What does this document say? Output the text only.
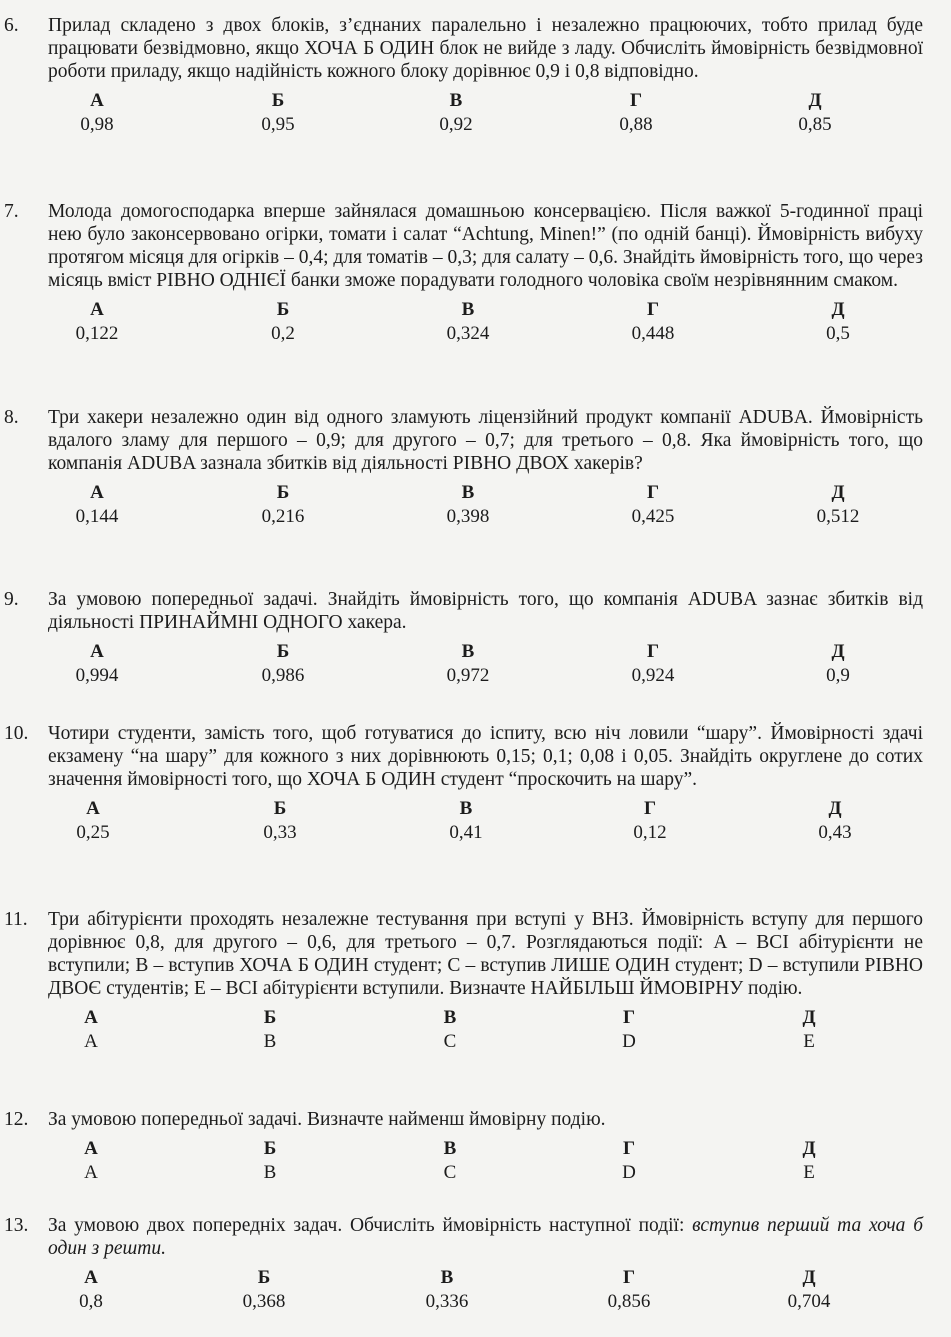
6. Прилад складено з двох блоків, з’єднаних паралельно і незалежно працюючих, тобто прилад буде працювати безвідмовно, якщо ХОЧА Б ОДИН блок не вийде з ладу. Обчисліть ймовірність безвідмовної роботи приладу, якщо надійність кожного блоку дорівнює 0,9 і 0,8 відповідно.
А
0,98
Б
0,95
В
0,92
Г
0,88
Д
0,85
7. Молода домогосподарка вперше зайнялася домашньою консервацією. Після важкої 5-годинної праці нею було законсервовано огірки, томати і салат “Achtung, Minen!” (по одній банці). Ймовірність вибуху протягом місяця для огірків – 0,4; для томатів – 0,3; для салату – 0,6. Знайдіть ймовірність того, що через місяць вміст РІВНО ОДНІЄЇ банки зможе порадувати голодного чоловіка своїм незрівнянним смаком.
А
0,122
Б
0,2
В
0,324
Г
0,448
Д
0,5
8. Три хакери незалежно один від одного зламують ліцензійний продукт компанії ADUBA. Ймовірність вдалого зламу для першого – 0,9; для другого – 0,7; для третього – 0,8. Яка ймовірність того, що компанія ADUBA зазнала збитків від діяльності РІВНО ДВОХ хакерів?
А
0,144
Б
0,216
В
0,398
Г
0,425
Д
0,512
9. За умовою попередньої задачі. Знайдіть ймовірність того, що компанія ADUBA зазнає збитків від діяльності ПРИНАЙМНІ ОДНОГО хакера.
А
0,994
Б
0,986
В
0,972
Г
0,924
Д
0,9
10. Чотири студенти, замість того, щоб готуватися до іспиту, всю ніч ловили “шару”. Ймовірності здачі екзамену “на шару” для кожного з них дорівнюють 0,15; 0,1; 0,08 і 0,05. Знайдіть округлене до сотих значення ймовірності того, що ХОЧА Б ОДИН студент “проскочить на шару”.
А
0,25
Б
0,33
В
0,41
Г
0,12
Д
0,43
11. Три абітурієнти проходять незалежне тестування при вступі у ВНЗ. Ймовірність вступу для першого дорівнює 0,8, для другого – 0,6, для третього – 0,7. Розглядаються події: A – ВСІ абітурієнти не вступили; B – вступив ХОЧА Б ОДИН студент; C – вступив ЛИШЕ ОДИН студент; D – вступили РІВНО ДВОЄ студентів; E – ВСІ абітурієнти вступили. Визначте НАЙБІЛЬШ ЙМОВІРНУ подію.
А
A
Б
B
В
C
Г
D
Д
E
12. За умовою попередньої задачі. Визначте найменш ймовірну подію.
А
A
Б
B
В
C
Г
D
Д
E
13. За умовою двох попередніх задач. Обчисліть ймовірність наступної події: вступив перший та хоча б один з решти.
А
0,8
Б
0,368
В
0,336
Г
0,856
Д
0,704
